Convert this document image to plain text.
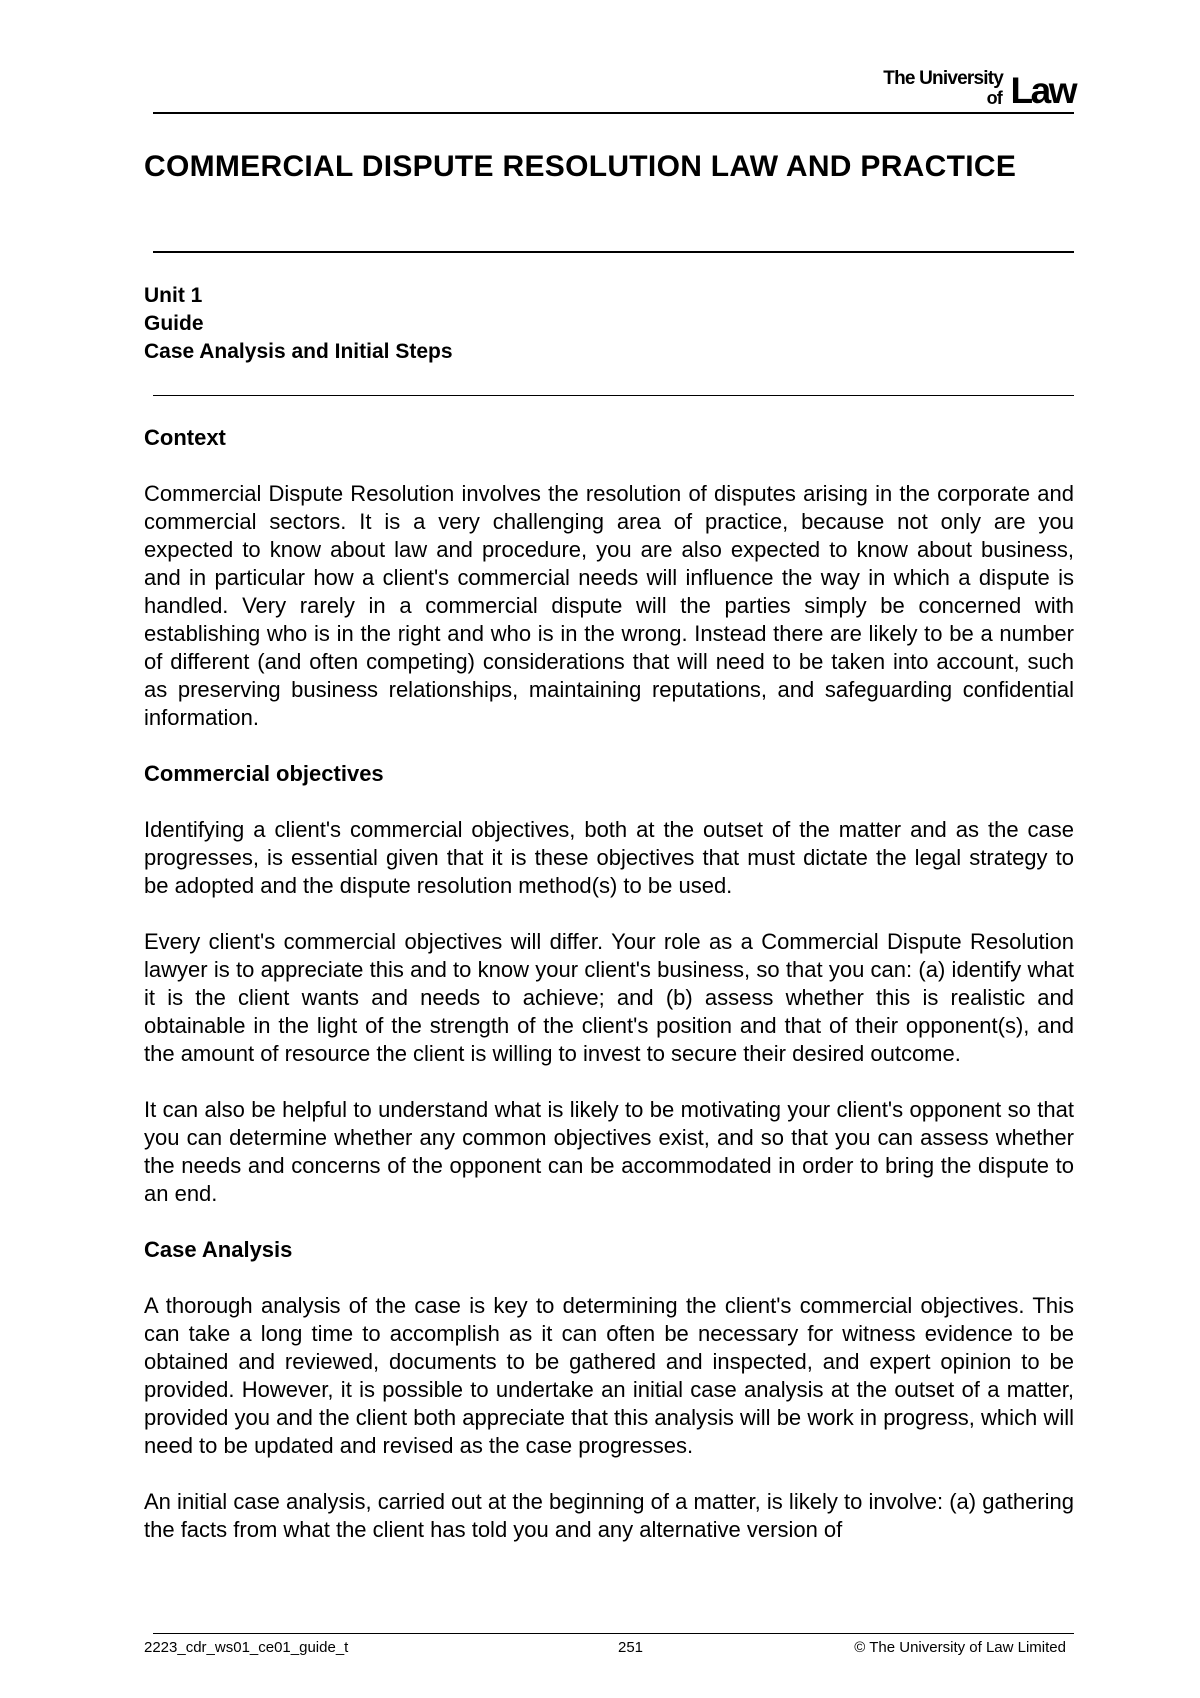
The University
of Law
COMMERCIAL DISPUTE RESOLUTION LAW AND PRACTICE
Unit 1
Guide
Case Analysis and Initial Steps
Context

Commercial Dispute Resolution involves the resolution of disputes arising in the corporate and commercial sectors. It is a very challenging area of practice, because not only are you expected to know about law and procedure, you are also expected to know about business, and in particular how a client's commercial needs will influence the way in which a dispute is handled. Very rarely in a commercial dispute will the parties simply be concerned with establishing who is in the right and who is in the wrong. Instead there are likely to be a number of different (and often competing) considerations that will need to be taken into account, such as preserving business relationships, maintaining reputations, and safeguarding confidential information.

Commercial objectives

Identifying a client's commercial objectives, both at the outset of the matter and as the case progresses, is essential given that it is these objectives that must dictate the legal strategy to be adopted and the dispute resolution method(s) to be used.

Every client's commercial objectives will differ. Your role as a Commercial Dispute Resolution lawyer is to appreciate this and to know your client's business, so that you can: (a) identify what it is the client wants and needs to achieve; and (b) assess whether this is realistic and obtainable in the light of the strength of the client's position and that of their opponent(s), and the amount of resource the client is willing to invest to secure their desired outcome.

It can also be helpful to understand what is likely to be motivating your client's opponent so that you can determine whether any common objectives exist, and so that you can assess whether the needs and concerns of the opponent can be accommodated in order to bring the dispute to an end.

Case Analysis

A thorough analysis of the case is key to determining the client's commercial objectives. This can take a long time to accomplish as it can often be necessary for witness evidence to be obtained and reviewed, documents to be gathered and inspected, and expert opinion to be provided. However, it is possible to undertake an initial case analysis at the outset of a matter, provided you and the client both appreciate that this analysis will be work in progress, which will need to be updated and revised as the case progresses.

An initial case analysis, carried out at the beginning of a matter, is likely to involve: (a) gathering the facts from what the client has told you and any alternative version of

2223_cdr_ws01_ce01_guide_t	251	© The University of Law Limited
